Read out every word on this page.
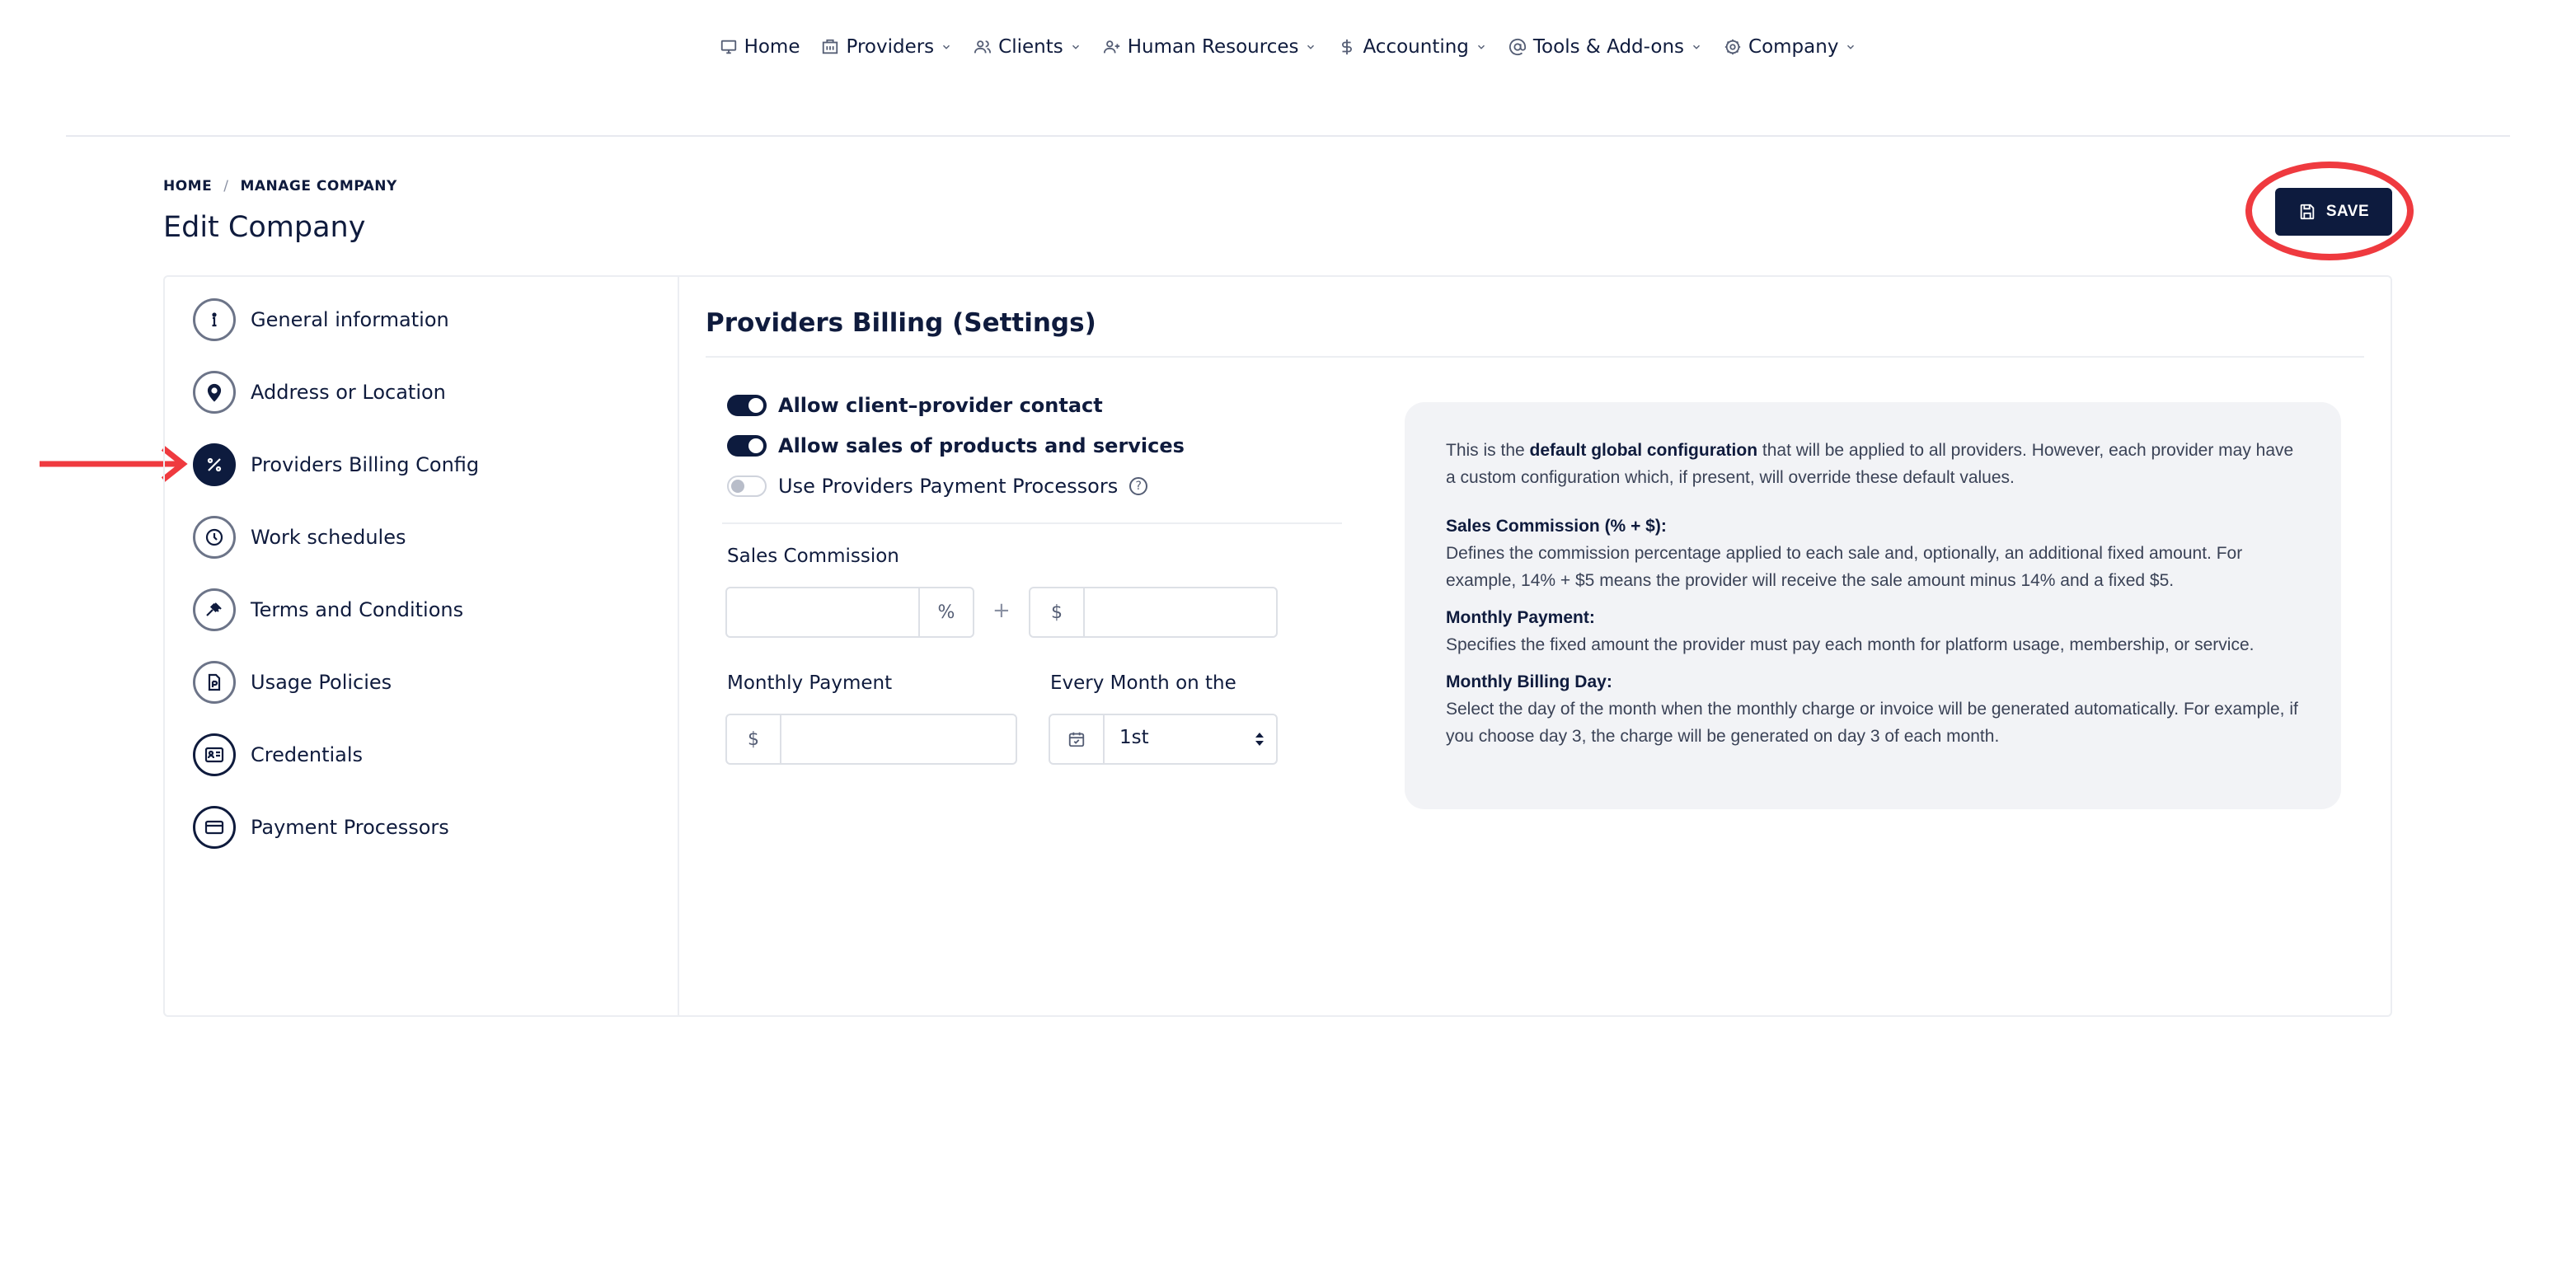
Home Providers	Clients	Human Resources	Accounting	Tools & Add-ons	Company
HOME / MANAGE COMPANY
Edit Company	SAVE
General information
Address or Location
Providers Billing Config
Work schedules
Terms and Conditions
Usage Policies
Credentials
Payment Processors
Providers Billing (Settings)
Allow client–provider contact
Allow sales of products and services
Use Providers Payment Processors	?
Sales Commission
%	+	$
Monthly Payment
$
Every Month on the
1st

This is the default global configuration that will be applied to all providers. However, each provider may have a custom configuration which, if present, will override these default values.

Sales Commission (% + $):
Defines the commission percentage applied to each sale and, optionally, an additional fixed amount. For example, 14% + $5 means the provider will receive the sale amount minus 14% and a fixed $5.

Monthly Payment:
Specifies the fixed amount the provider must pay each month for platform usage, membership, or service.

Monthly Billing Day:
Select the day of the month when the monthly charge or invoice will be generated automatically. For example, if you choose day 3, the charge will be generated on day 3 of each month.
